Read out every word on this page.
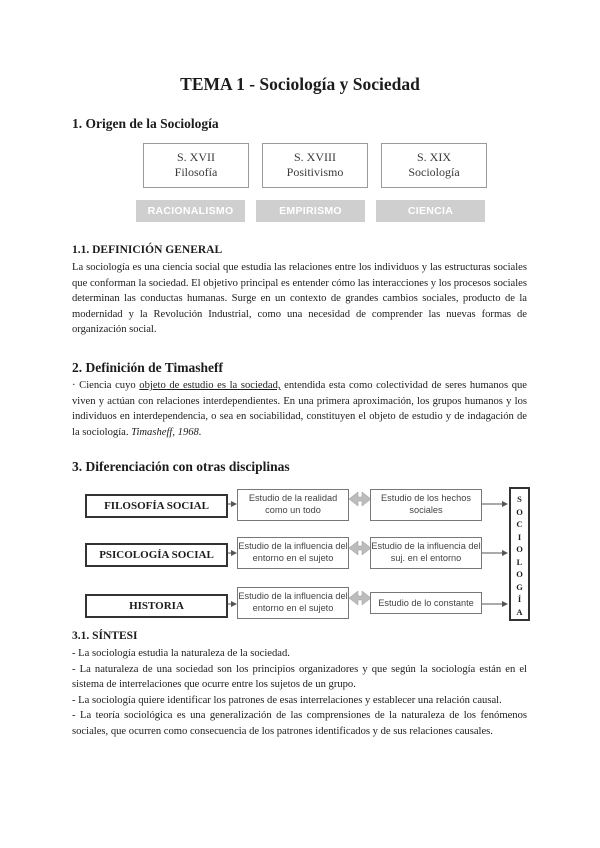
TEMA 1 - Sociología y Sociedad
1. Origen de la Sociología
S. XVII
Filosofía
S. XVIII
Positivismo
S. XIX
Sociología
RACIONALISMO	EMPIRISMO	CIENCIA
1.1. DEFINICIÓN GENERAL
La sociología es una ciencia social que estudia las relaciones entre los individuos y las estructuras sociales que conforman la sociedad. El objetivo principal es entender cómo las interacciones y los procesos sociales determinan las conductas humanas. Surge en un contexto de grandes cambios sociales, producto de la modernidad y la Revolución Industrial, como una necesidad de comprender las nuevas formas de organización social.
2. Definición de Timasheff
· Ciencia cuyo objeto de estudio es la sociedad, entendida esta como colectividad de seres humanos que viven y actúan con relaciones interdependientes. En una primera aproximación, los grupos humanos y los individuos en interdependencia, o sea en sociabilidad, constituyen el objeto de estudio y de indagación de la sociología. Timasheff, 1968.
3. Diferenciación con otras disciplinas
FILOSOFÍA SOCIAL
PSICOLOGÍA SOCIAL
HISTORIA
Estudio de la realidad como un todo
Estudio de la influencia del entorno en el sujeto
Estudio de la influencia del entorno en el sujeto
Estudio de los hechos sociales
Estudio de la influencia del suj. en el entorno
Estudio de lo constante
S
O
C
I
O
L
O
G
Í
A
3.1. SÍNTESI
- La sociología estudia la naturaleza de la sociedad.
- La naturaleza de una sociedad son los principios organizadores y que según la sociología están en el sistema de interrelaciones que ocurre entre los sujetos de un grupo.
- La sociología quiere identificar los patrones de esas interrelaciones y establecer una relación causal.
- La teoría sociológica es una generalización de las comprensiones de la naturaleza de los fenómenos sociales, que ocurren como consecuencia de los patrones identificados y de sus relaciones causales.
